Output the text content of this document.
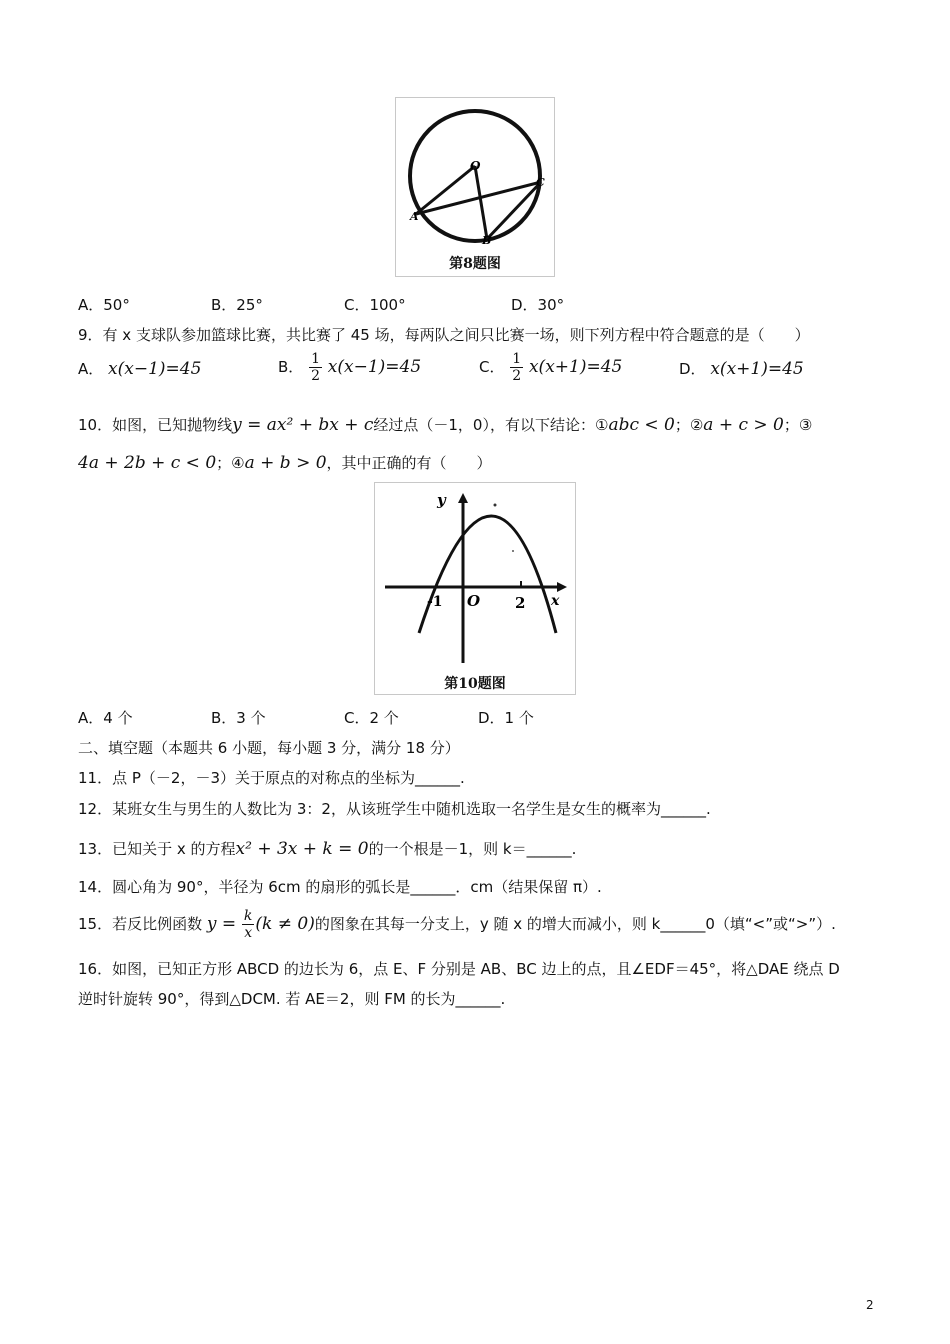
O
A
C
B
第8题图
A．50°	B．25°	C．100°	D．30°
9．有 x 支球队参加篮球比赛，共比赛了 45 场，每两队之间只比赛一场，则下列方程中符合题意的是（　　）
A． x(x−1)=45	B． $\frac{1}{2} x(x-1)=45$	C． $\frac{1}{2} x(x+1)=45$	D． x(x+1)=45
10．如图，已知抛物线y = ax² + bx + c经过点（－1，0），有以下结论：①abc < 0；②a + c > 0；③
4a + 2b + c < 0；④a + b > 0，其中正确的有（　　）
y
x
O
-1	2
第10题图
A．4 个	B．3 个	C．2 个	D．1 个
二、填空题（本题共 6 小题，每小题 3 分，满分 18 分）
11．点 P（－2，－3）关于原点的对称点的坐标为______.
12．某班女生与男生的人数比为 3：2，从该班学生中随机选取一名学生是女生的概率为______.
13．已知关于 x 的方程x² + 3x + k = 0的一个根是－1，则 k＝______.
14．圆心角为 90°，半径为 6cm 的扇形的弧长是______．cm（结果保留 π）.
15．若反比例函数 $y = \frac{k}{x} (k \ne 0)$的图象在其每一分支上，y 随 x 的增大而减小，则 k______0（填“<”或“>”）.
16．如图，已知正方形 ABCD 的边长为 6，点 E、F 分别是 AB、BC 边上的点，且∠EDF＝45°，将△DAE 绕点 D
逆时针旋转 90°，得到△DCM. 若 AE＝2，则 FM 的长为______.
2
